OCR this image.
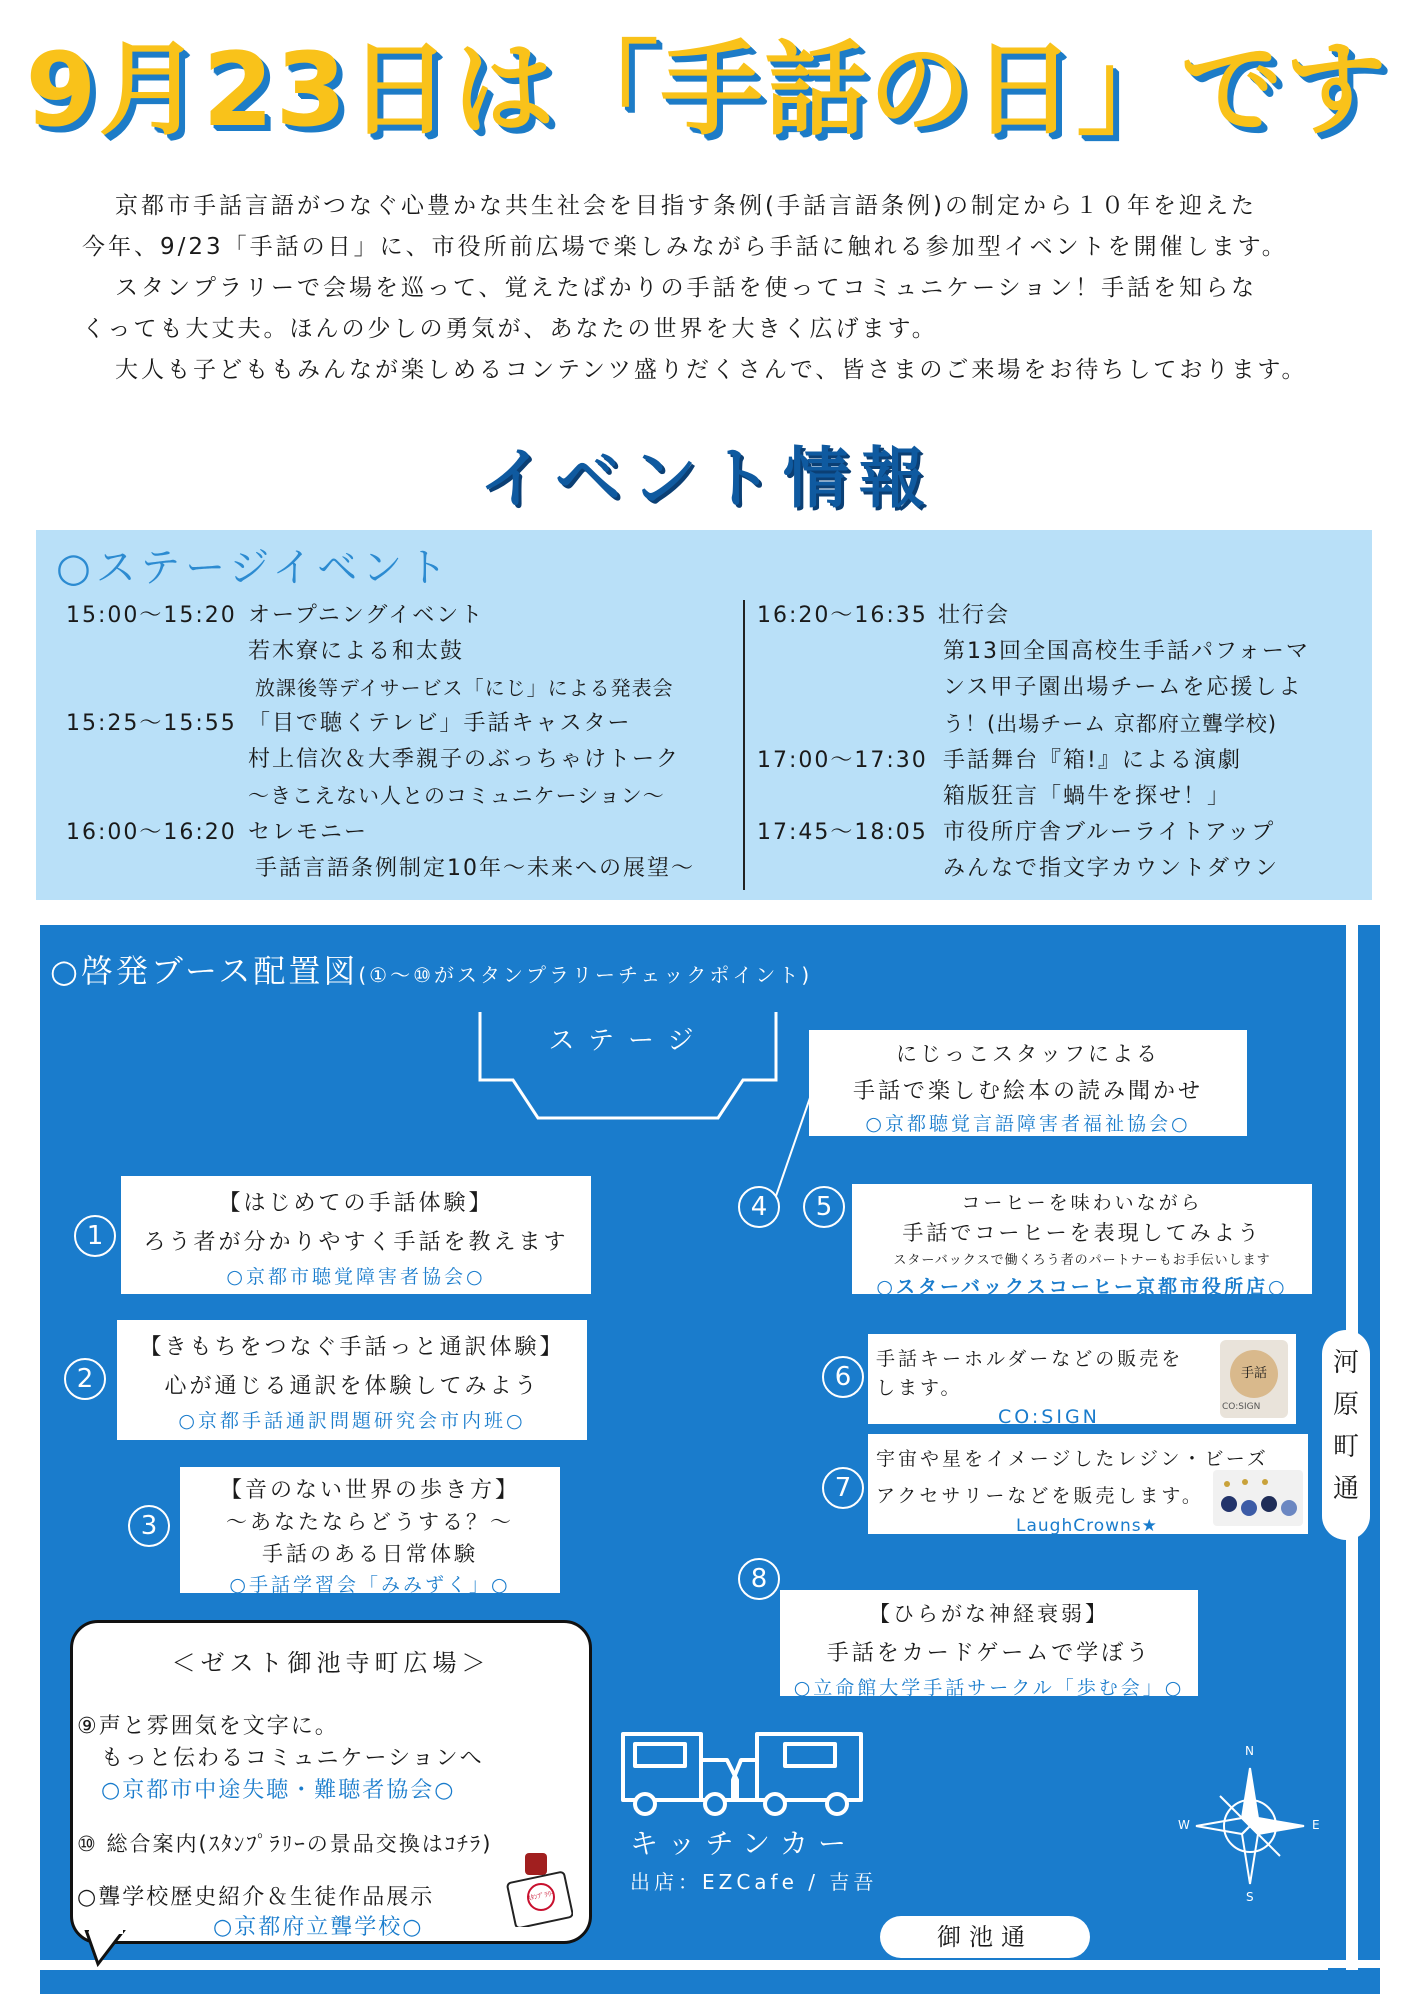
9月23日は「手話の日」です

京都市手話言語がつなぐ心豊かな共生社会を目指す条例(手話言語条例)の制定から１０年を迎えた

今年、9/23「手話の日」に、市役所前広場で楽しみながら手話に触れる参加型イベントを開催します。

スタンプラリーで会場を巡って、覚えたばかりの手話を使ってコミュニケーション！手話を知らな

くっても大丈夫。ほんの少しの勇気が、あなたの世界を大きく広げます。

大人も子どももみんなが楽しめるコンテンツ盛りだくさんで、皆さまのご来場をお待ちしております。

イベント情報
○ステージイベント
15:00～15:20 オープニングイベント
若木寮による和太鼓
放課後等デイサービス「にじ」による発表会
15:25～15:55 「目で聴くテレビ」手話キャスター
村上信次＆大季親子のぶっちゃけトーク
～きこえない人とのコミュニケーション～
16:00～16:20 セレモニー
手話言語条例制定10年～未来への展望～
16:20～16:35 壮行会
第13回全国高校生手話パフォーマ
ンス甲子園出場チームを応援しよ
う！(出場チーム 京都府立聾学校)
17:00～17:30 手話舞台『箱!』による演劇
箱版狂言「蝸牛を探せ！」
17:45～18:05 市役所庁舎ブルーライトアップ
みんなで指文字カウントダウン
○啓発ブース配置図(①～⑩がスタンプラリーチェックポイント)
ステージ
1
【はじめての手話体験】
ろう者が分かりやすく手話を教えます
○京都市聴覚障害者協会○
2
【きもちをつなぐ手話っと通訳体験】
心が通じる通訳を体験してみよう
○京都手話通訳問題研究会市内班○
3
【音のない世界の歩き方】
～あなたならどうする？～
手話のある日常体験
○手話学習会「みみずく」○
4
にじっこスタッフによる
手話で楽しむ絵本の読み聞かせ
○京都聴覚言語障害者福祉協会○
5	コーヒーを味わいながら
手話でコーヒーを表現してみよう
スターバックスで働くろう者のパートナーもお手伝いします
○スターバックスコーヒー京都市役所店○
6
手話キーホルダーなどの販売を
します。
CO:SIGN
手話
CO:SIGN
7
宇宙や星をイメージしたレジン・ビーズ
アクセサリーなどを販売します。
LaughCrowns★
8
【ひらがな神経衰弱】
手話をカードゲームで学ぼう
○立命館大学手話サークル「歩む会」○
＜ゼスト御池寺町広場＞
⑨声と雰囲気を文字に。
もっと伝わるコミュニケーションへ
○京都市中途失聴・難聴者協会○
⑩ 総合案内(ｽﾀﾝﾌﾟﾗﾘｰの景品交換はｺﾁﾗ)
○聾学校歴史紹介＆生徒作品展示
○京都府立聾学校○
ｽﾀﾝﾌﾟﾗﾘｰ
キッチンカー
出店：EZCafe / 吉吾
N
S
W	E
御池通
河
原
町
通
